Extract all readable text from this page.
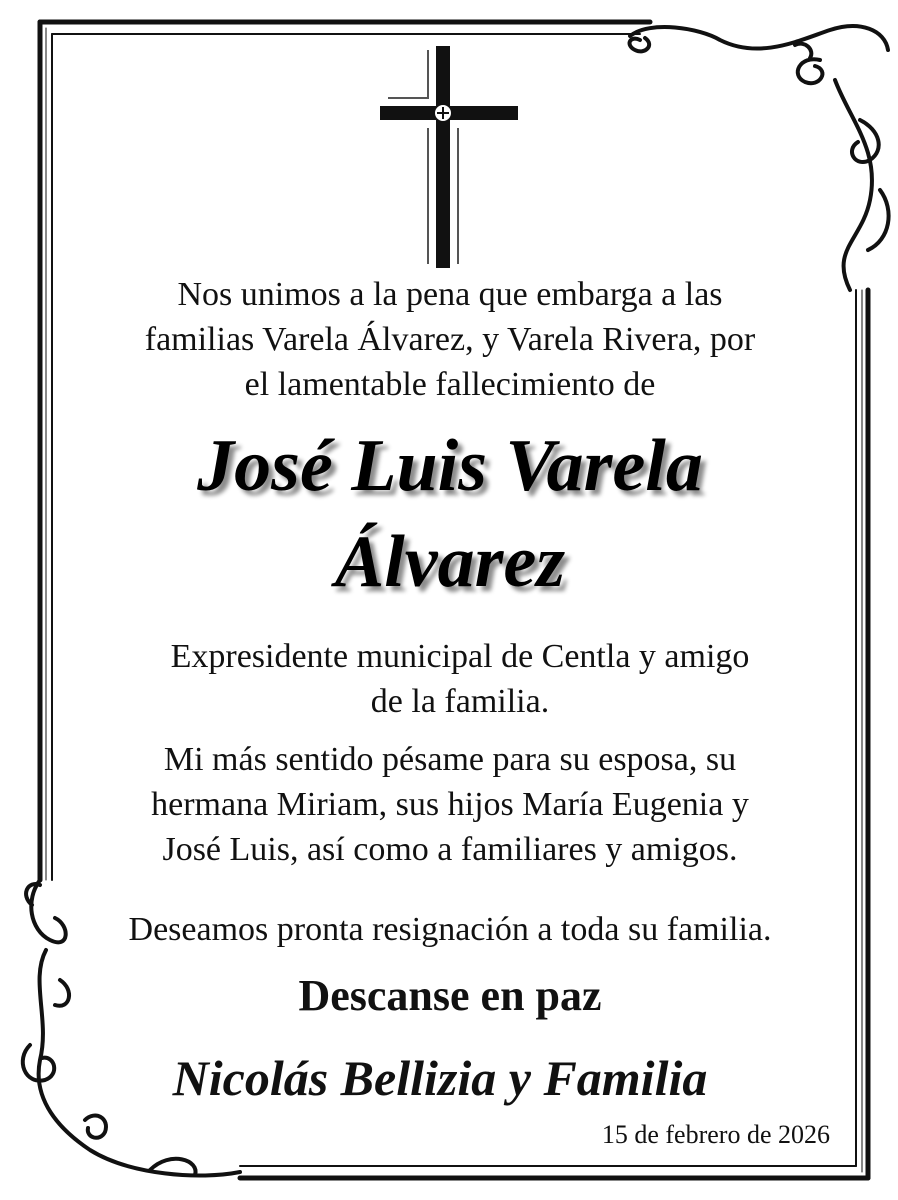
Nos unimos a la pena que embarga a las
familias Varela Álvarez, y Varela Rivera, por
el lamentable fallecimiento de

José Luis Varela
Álvarez

Expresidente municipal de Centla y amigo
de la familia.

Mi más sentido pésame para su esposa, su
hermana Miriam, sus hijos María Eugenia y
José Luis, así como a familiares y amigos.

Deseamos pronta resignación a toda su familia.

Descanse en paz

Nicolás Bellizia y Familia

15 de febrero de 2026
